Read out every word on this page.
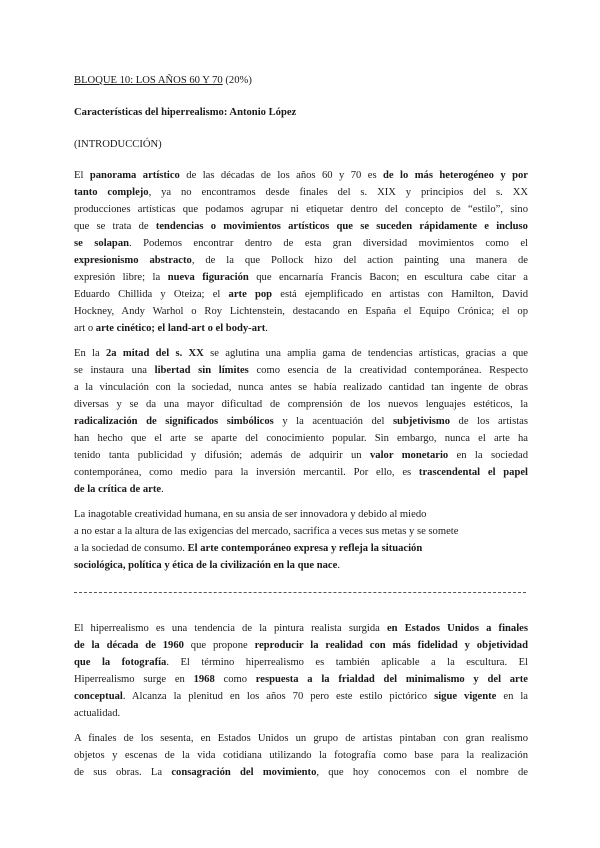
BLOQUE 10: LOS AÑOS 60 Y 70 (20%)
Características del hiperrealismo: Antonio López
(INTRODUCCIÓN)
El panorama artístico de las décadas de los años 60 y 70 es de lo más heterogéneo y por
tanto complejo, ya no encontramos desde finales del s. XIX y principios del s. XX
producciones artísticas que podamos agrupar ni etiquetar dentro del concepto de “estilo”, sino
que se trata de tendencias o movimientos artísticos que se suceden rápidamente e incluso
se solapan. Podemos encontrar dentro de esta gran diversidad movimientos como el
expresionismo abstracto, de la que Pollock hizo del action painting una manera de
expresión libre; la nueva figuración que encarnaría Francis Bacon; en escultura cabe citar a
Eduardo Chillida y Oteiza; el arte pop está ejemplificado en artistas con Hamilton, David
Hockney, Andy Warhol o Roy Lichtenstein, destacando en España el Equipo Crónica; el op
art o arte cinético; el land-art o el body-art.
En la 2a mitad del s. XX se aglutina una amplia gama de tendencias artísticas, gracias a que
se instaura una libertad sin límites como esencia de la creatividad contemporánea. Respecto
a la vinculación con la sociedad, nunca antes se había realizado cantidad tan ingente de obras
diversas y se da una mayor dificultad de comprensión de los nuevos lenguajes estéticos, la
radicalización de significados simbólicos y la acentuación del subjetivismo de los artistas
han hecho que el arte se aparte del conocimiento popular. Sin embargo, nunca el arte ha
tenido tanta publicidad y difusión; además de adquirir un valor monetario en la sociedad
contemporánea, como medio para la inversión mercantil. Por ello, es trascendental el papel
de la crítica de arte.
La inagotable creatividad humana, en su ansia de ser innovadora y debido al miedo
a no estar a la altura de las exigencias del mercado, sacrifica a veces sus metas y se somete
a la sociedad de consumo. El arte contemporáneo expresa y refleja la situación
sociológica, política y ética de la civilización en la que nace.
El hiperrealismo es una tendencia de la pintura realista surgida en Estados Unidos a finales
de la década de 1960 que propone reproducir la realidad con más fidelidad y objetividad
que la fotografía. El término hiperrealismo es también aplicable a la escultura. El
Hiperrealismo surge en 1968 como respuesta a la frialdad del minimalismo y del arte
conceptual. Alcanza la plenitud en los años 70 pero este estilo pictórico sigue vigente en la
actualidad.
A finales de los sesenta, en Estados Unidos un grupo de artistas pintaban con gran realismo
objetos y escenas de la vida cotidiana utilizando la fotografía como base para la realización
de sus obras. La consagración del movimiento, que hoy conocemos con el nombre de
